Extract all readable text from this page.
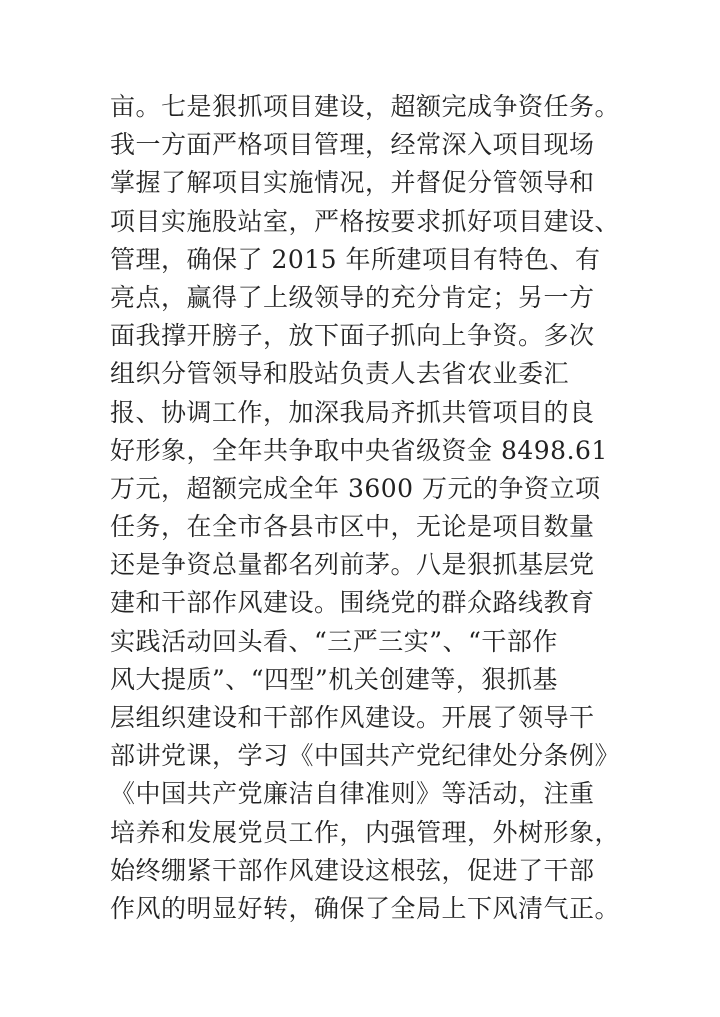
亩。七是狠抓项目建设，超额完成争资任务。
我一方面严格项目管理，经常深入项目现场
掌握了解项目实施情况，并督促分管领导和
项目实施股站室，严格按要求抓好项目建设、
管理，确保了 2015 年所建项目有特色、有
亮点，赢得了上级领导的充分肯定；另一方
面我撑开膀子，放下面子抓向上争资。多次
组织分管领导和股站负责人去省农业委汇
报、协调工作，加深我局齐抓共管项目的良
好形象，全年共争取中央省级资金 8498.61
万元，超额完成全年 3600 万元的争资立项
任务，在全市各县市区中，无论是项目数量
还是争资总量都名列前茅。八是狠抓基层党
建和干部作风建设。围绕党的群众路线教育
实践活动回头看、“三严三实”、“干部作
风大提质”、“四型”机关创建等，狠抓基
层组织建设和干部作风建设。开展了领导干
部讲党课，学习《中国共产党纪律处分条例》
《中国共产党廉洁自律准则》等活动，注重
培养和发展党员工作，内强管理，外树形象，
始终绷紧干部作风建设这根弦，促进了干部
作风的明显好转，确保了全局上下风清气正。
